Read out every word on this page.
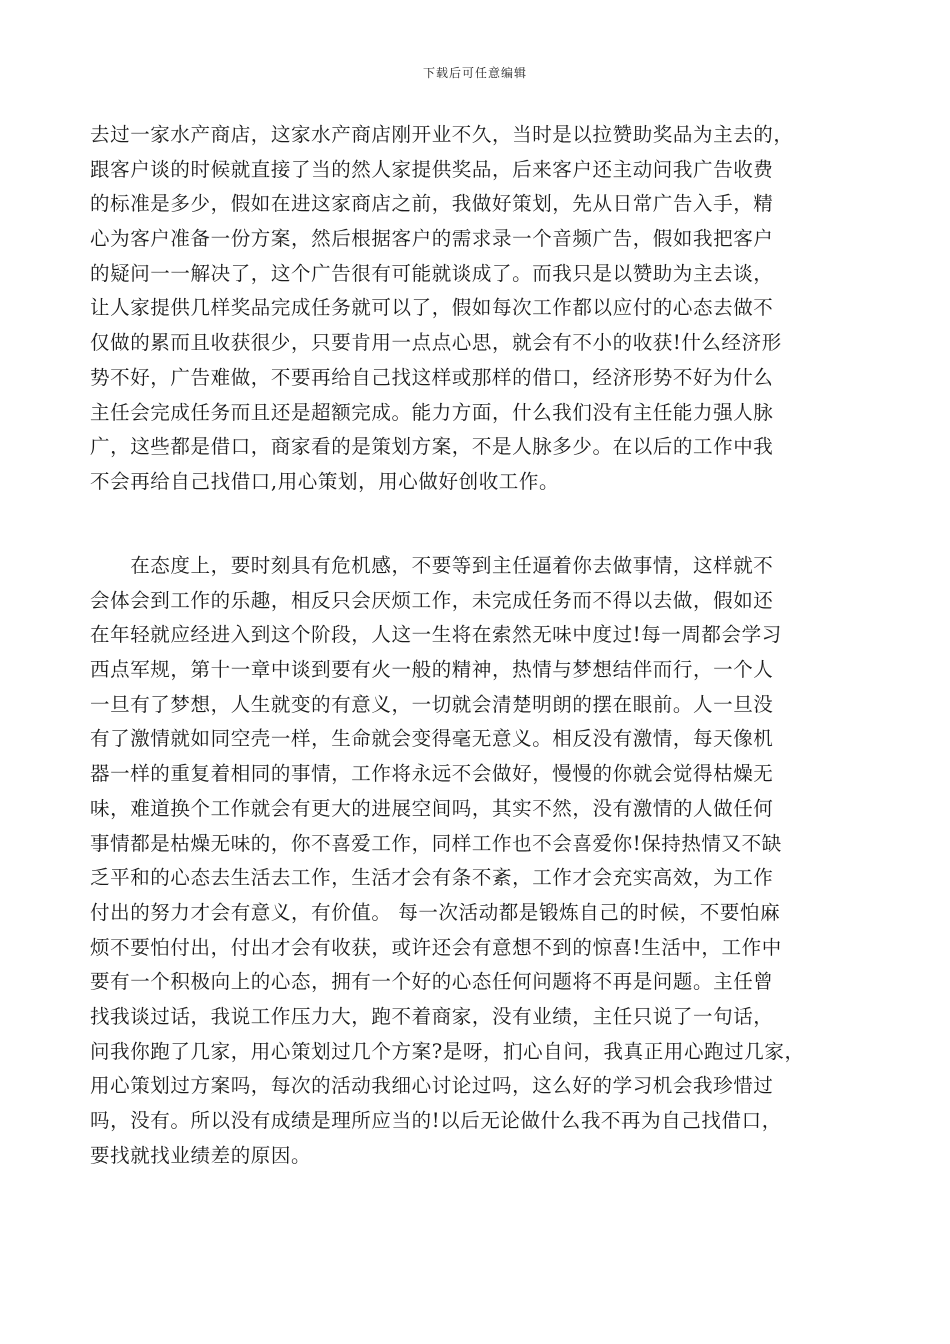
下载后可任意编辑
去过一家水产商店，这家水产商店刚开业不久，当时是以拉赞助奖品为主去的，
跟客户谈的时候就直接了当的然人家提供奖品，后来客户还主动问我广告收费
的标准是多少，假如在进这家商店之前，我做好策划，先从日常广告入手，精
心为客户准备一份方案，然后根据客户的需求录一个音频广告，假如我把客户
的疑问一一解决了，这个广告很有可能就谈成了。而我只是以赞助为主去谈，
让人家提供几样奖品完成任务就可以了，假如每次工作都以应付的心态去做不
仅做的累而且收获很少，只要肯用一点点心思，就会有不小的收获!什么经济形
势不好，广告难做，不要再给自己找这样或那样的借口，经济形势不好为什么
主任会完成任务而且还是超额完成。能力方面，什么我们没有主任能力强人脉
广，这些都是借口，商家看的是策划方案，不是人脉多少。在以后的工作中我
不会再给自己找借口,用心策划，用心做好创收工作。
　　在态度上，要时刻具有危机感，不要等到主任逼着你去做事情，这样就不
会体会到工作的乐趣，相反只会厌烦工作，未完成任务而不得以去做，假如还
在年轻就应经进入到这个阶段，人这一生将在索然无味中度过!每一周都会学习
西点军规，第十一章中谈到要有火一般的精神，热情与梦想结伴而行，一个人
一旦有了梦想，人生就变的有意义，一切就会清楚明朗的摆在眼前。人一旦没
有了激情就如同空壳一样，生命就会变得毫无意义。相反没有激情，每天像机
器一样的重复着相同的事情，工作将永远不会做好，慢慢的你就会觉得枯燥无
味，难道换个工作就会有更大的进展空间吗，其实不然，没有激情的人做任何
事情都是枯燥无味的，你不喜爱工作，同样工作也不会喜爱你!保持热情又不缺
乏平和的心态去生活去工作，生活才会有条不紊，工作才会充实高效，为工作
付出的努力才会有意义，有价值。 每一次活动都是锻炼自己的时候，不要怕麻
烦不要怕付出，付出才会有收获，或许还会有意想不到的惊喜!生活中，工作中
要有一个积极向上的心态，拥有一个好的心态任何问题将不再是问题。主任曾
找我谈过话，我说工作压力大，跑不着商家，没有业绩，主任只说了一句话，
问我你跑了几家，用心策划过几个方案?是呀，扪心自问，我真正用心跑过几家，
用心策划过方案吗，每次的活动我细心讨论过吗，这么好的学习机会我珍惜过
吗，没有。所以没有成绩是理所应当的!以后无论做什么我不再为自己找借口，
要找就找业绩差的原因。
